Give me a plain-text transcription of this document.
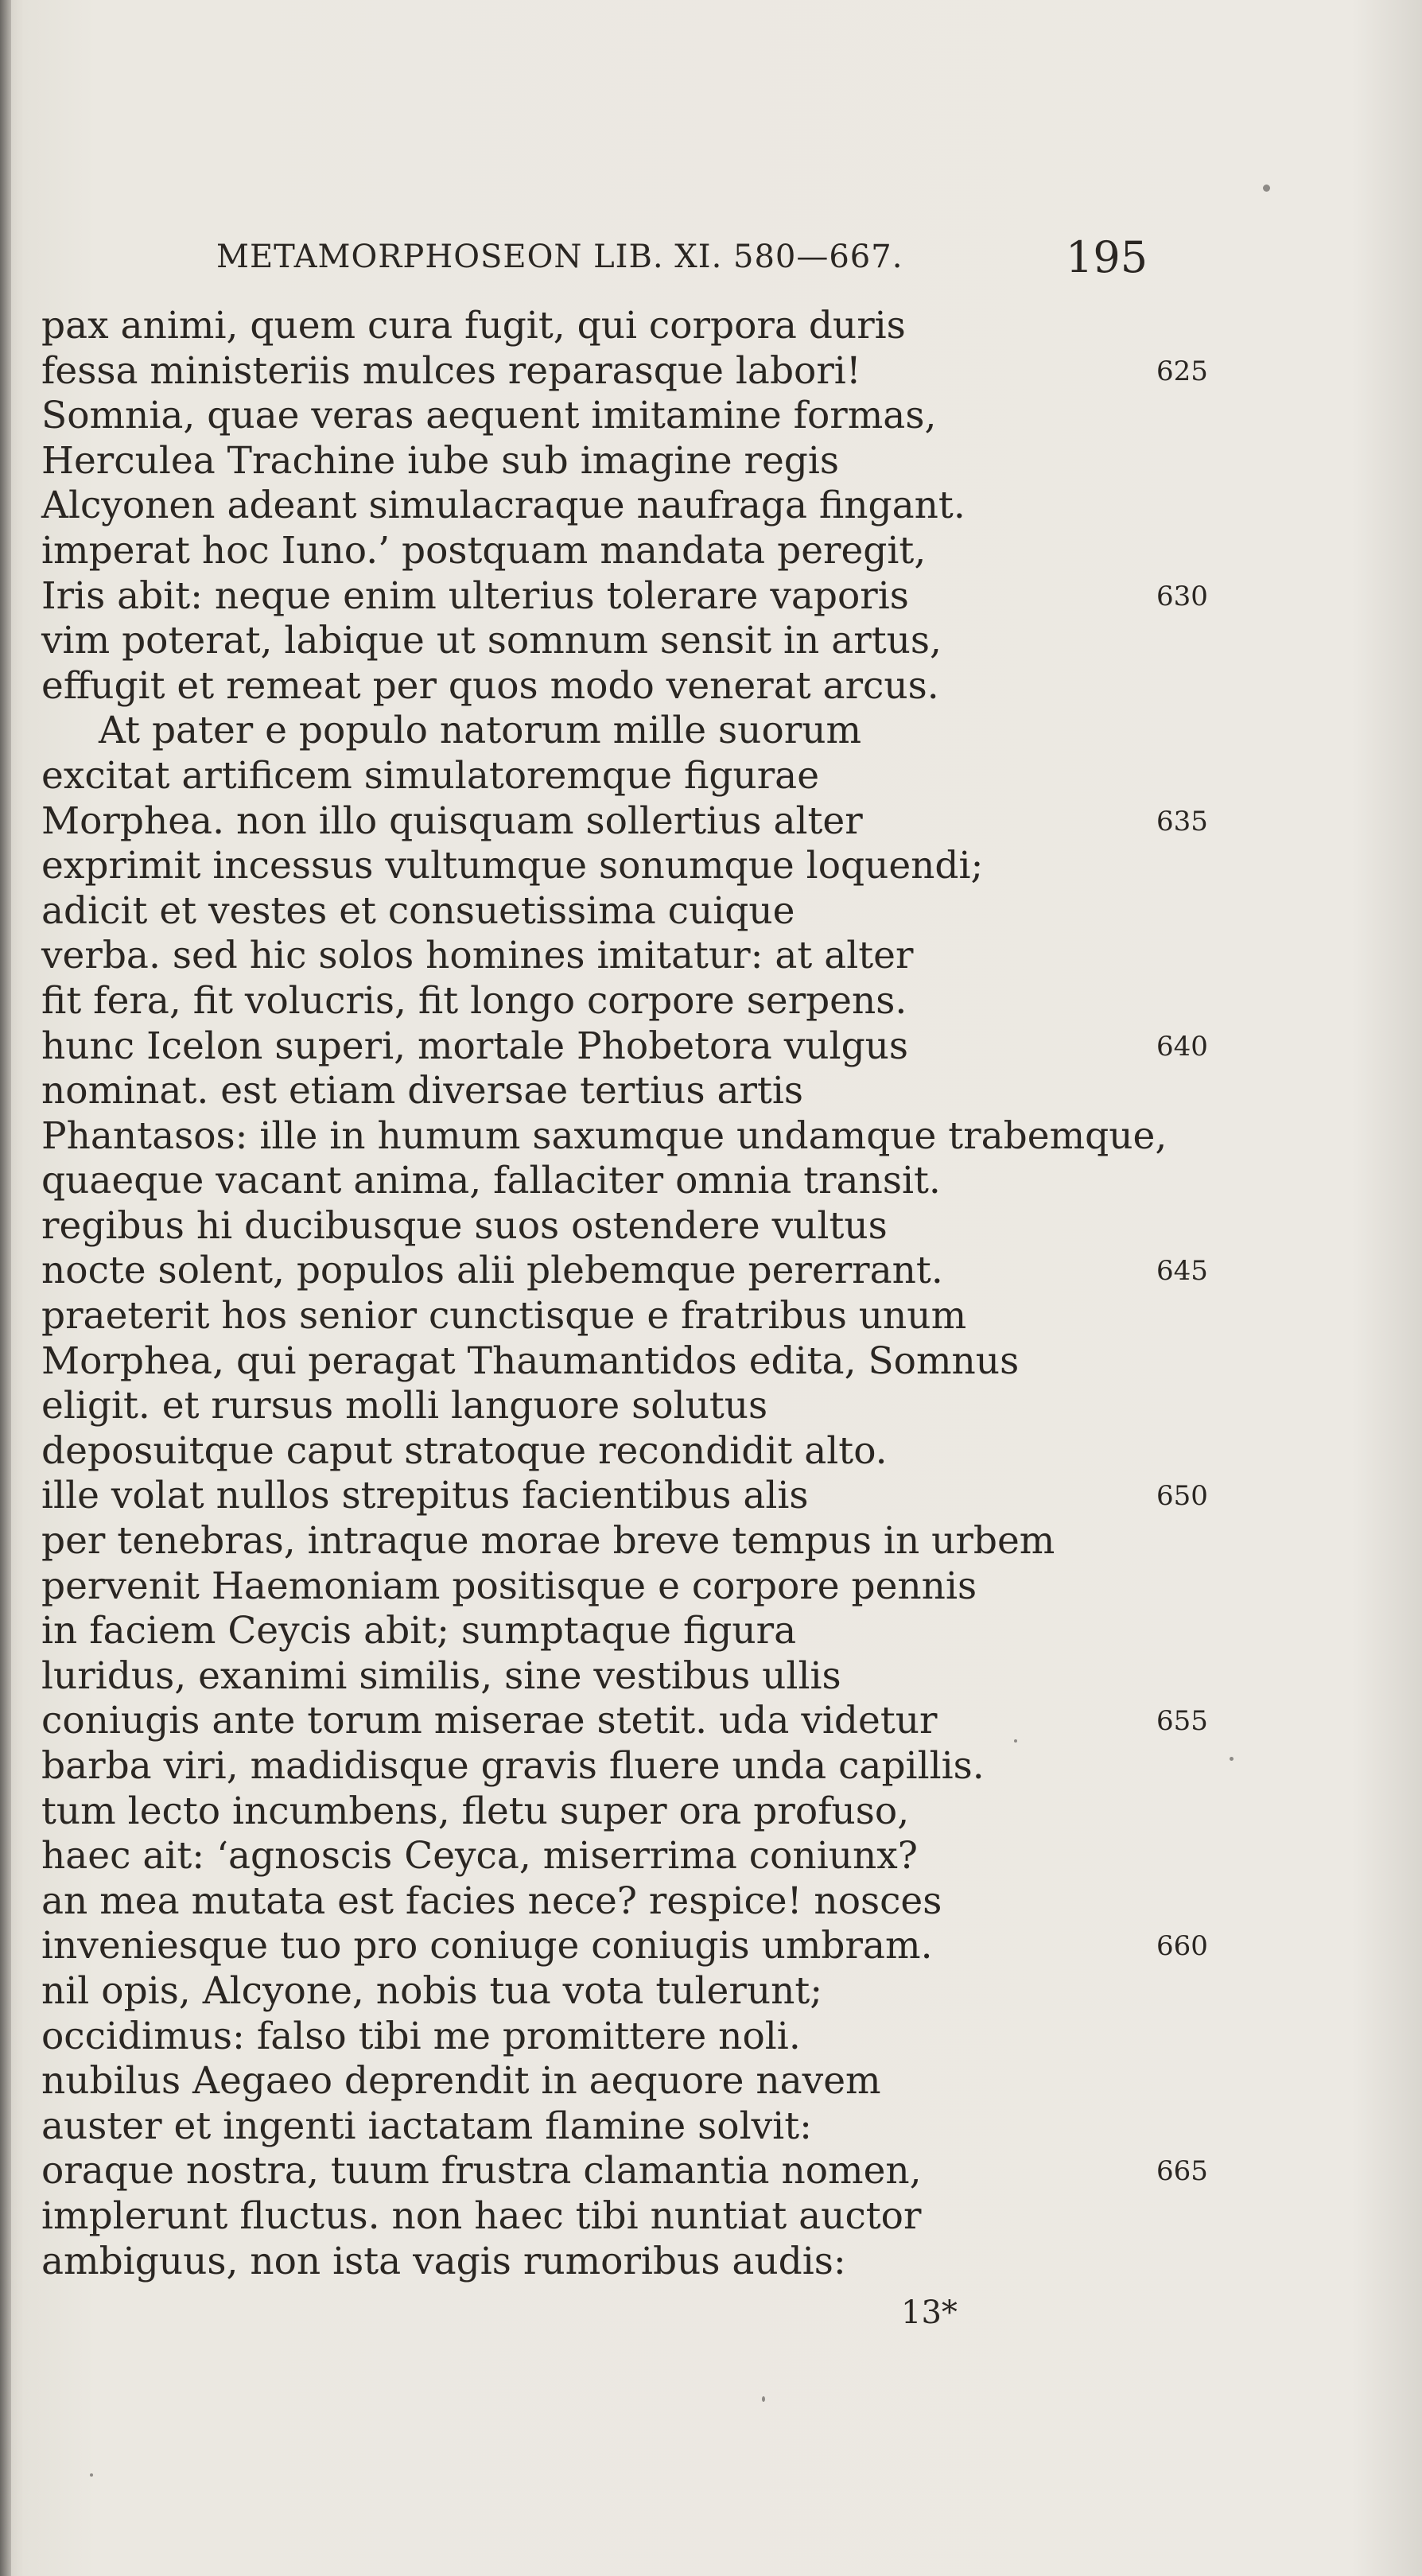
METAMORPHOSEON LIB. XI. 580—667.	195
pax animi, quem cura fugit, qui corpora duris
fessa ministeriis mulces reparasque labori!	625
Somnia, quae veras aequent imitamine formas,
Herculea Trachine iube sub imagine regis
Alcyonen adeant simulacraque naufraga fingant.
imperat hoc Iuno.’ postquam mandata peregit,
Iris abit: neque enim ulterius tolerare vaporis	630
vim poterat, labique ut somnum sensit in artus,
effugit et remeat per quos modo venerat arcus.
At pater e populo natorum mille suorum
excitat artificem simulatoremque figurae
Morphea. non illo quisquam sollertius alter	635
exprimit incessus vultumque sonumque loquendi;
adicit et vestes et consuetissima cuique
verba. sed hic solos homines imitatur: at alter
fit fera, fit volucris, fit longo corpore serpens.
hunc Icelon superi, mortale Phobetora vulgus	640
nominat. est etiam diversae tertius artis
Phantasos: ille in humum saxumque undamque trabemque,
quaeque vacant anima, fallaciter omnia transit.
regibus hi ducibusque suos ostendere vultus
nocte solent, populos alii plebemque pererrant.	645
praeterit hos senior cunctisque e fratribus unum
Morphea, qui peragat Thaumantidos edita, Somnus
eligit. et rursus molli languore solutus
deposuitque caput stratoque recondidit alto.
ille volat nullos strepitus facientibus alis	650
per tenebras, intraque morae breve tempus in urbem
pervenit Haemoniam positisque e corpore pennis
in faciem Ceycis abit; sumptaque figura
luridus, exanimi similis, sine vestibus ullis
coniugis ante torum miserae stetit. uda videtur	655
barba viri, madidisque gravis fluere unda capillis.
tum lecto incumbens, fletu super ora profuso,
haec ait: ‘agnoscis Ceyca, miserrima coniunx?
an mea mutata est facies nece? respice! nosces
inveniesque tuo pro coniuge coniugis umbram.	660
nil opis, Alcyone, nobis tua vota tulerunt;
occidimus: falso tibi me promittere noli.
nubilus Aegaeo deprendit in aequore navem
auster et ingenti iactatam flamine solvit:
oraque nostra, tuum frustra clamantia nomen,	665
implerunt fluctus. non haec tibi nuntiat auctor
ambiguus, non ista vagis rumoribus audis:
13*
